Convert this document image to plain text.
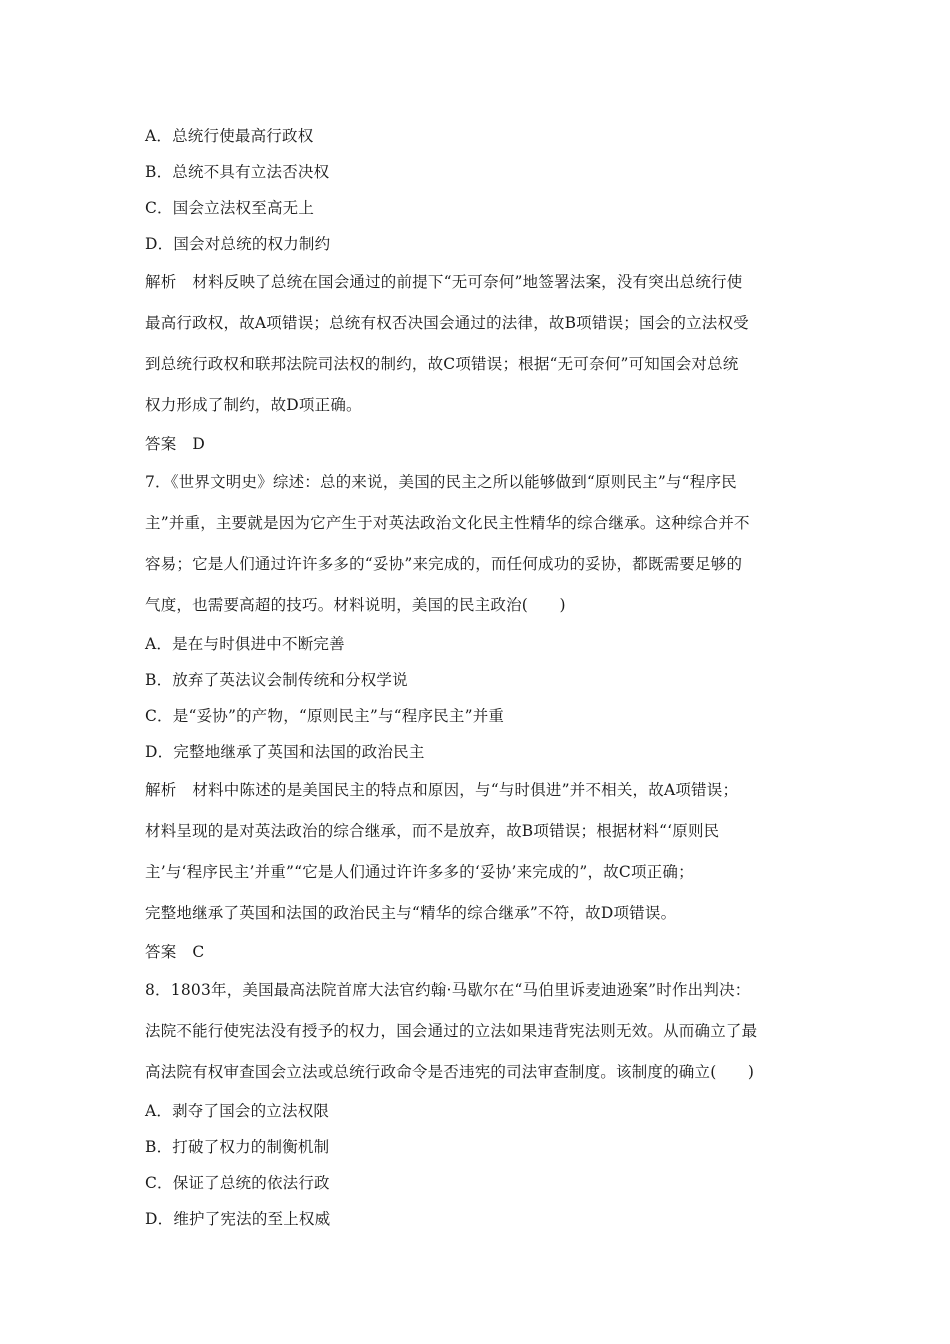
A．总统行使最高行政权
B．总统不具有立法否决权
C．国会立法权至高无上
D．国会对总统的权力制约
解析 材料反映了总统在国会通过的前提下“无可奈何”地签署法案，没有突出总统行使
最高行政权，故A项错误；总统有权否决国会通过的法律，故B项错误；国会的立法权受
到总统行政权和联邦法院司法权的制约，故C项错误；根据“无可奈何”可知国会对总统
权力形成了制约，故D项正确。
答案 D
7．《世界文明史》综述：总的来说，美国的民主之所以能够做到“原则民主”与“程序民
主”并重，主要就是因为它产生于对英法政治文化民主性精华的综合继承。这种综合并不
容易；它是人们通过许许多多的“妥协”来完成的，而任何成功的妥协，都既需要足够的
气度，也需要高超的技巧。材料说明，美国的民主政治(　　)
A．是在与时俱进中不断完善
B．放弃了英法议会制传统和分权学说
C．是“妥协”的产物，“原则民主”与“程序民主”并重
D．完整地继承了英国和法国的政治民主
解析 材料中陈述的是美国民主的特点和原因，与“与时俱进”并不相关，故A项错误；
材料呈现的是对英法政治的综合继承，而不是放弃，故B项错误；根据材料“‘原则民
主’与‘程序民主’并重”“它是人们通过许许多多的‘妥协’来完成的”，故C项正确；
完整地继承了英国和法国的政治民主与“精华的综合继承”不符，故D项错误。
答案 C
8．1803年，美国最高法院首席大法官约翰·马歇尔在“马伯里诉麦迪逊案”时作出判决：
法院不能行使宪法没有授予的权力，国会通过的立法如果违背宪法则无效。从而确立了最
高法院有权审查国会立法或总统行政命令是否违宪的司法审查制度。该制度的确立(　　)
A．剥夺了国会的立法权限
B．打破了权力的制衡机制
C．保证了总统的依法行政
D．维护了宪法的至上权威
